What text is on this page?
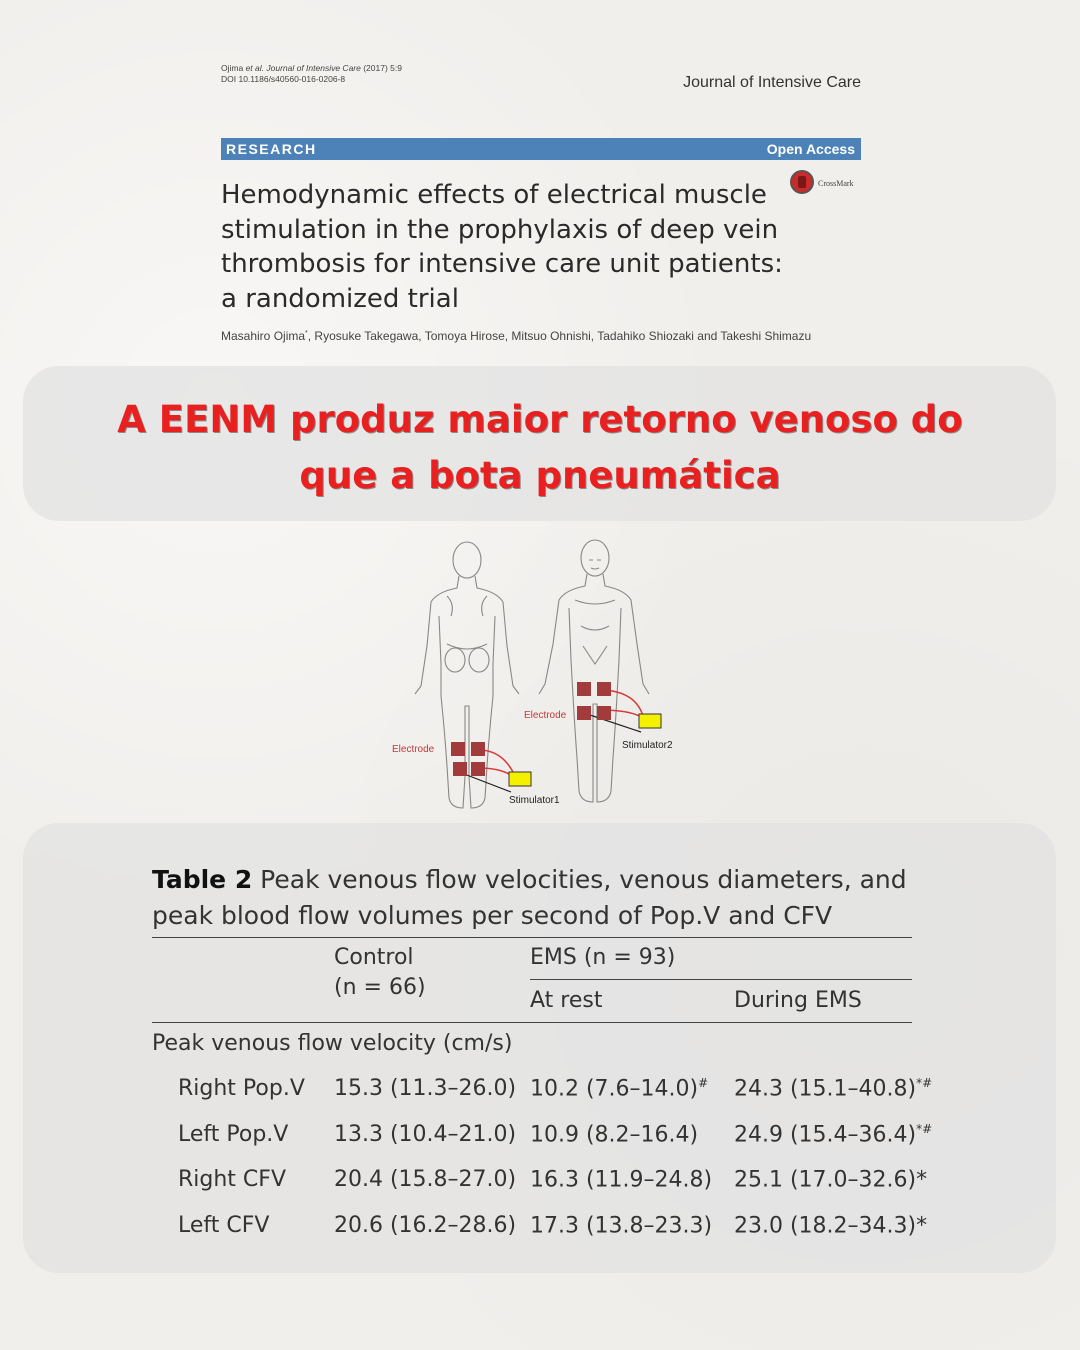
Ojima et al. Journal of Intensive Care (2017) 5:9
DOI 10.1186/s40560-016-0206-8	Journal of Intensive Care
RESEARCH	Open Access
Hemodynamic effects of electrical muscle
stimulation in the prophylaxis of deep vein
thrombosis for intensive care unit patients:
a randomized trial
CrossMark
Masahiro Ojima*, Ryosuke Takegawa, Tomoya Hirose, Mitsuo Ohnishi, Tadahiko Shiozaki and Takeshi Shimazu
A EENM produz maior retorno venoso do
que a bota pneumática
Electrode
Electrode
Stimulator1
Stimulator2
Table 2 Peak venous flow velocities, venous diameters, and
peak blood flow volumes per second of Pop.V and CFV
Control
(n = 66)
EMS (n = 93)
At rest	During EMS
Peak venous flow velocity (cm/s)
Right Pop.V 15.3 (11.3–26.0) 10.2 (7.6–14.0)# 24.3 (15.1–40.8)*#
Left Pop.V 13.3 (10.4–21.0) 10.9 (8.2–16.4) 24.9 (15.4–36.4)*#
Right CFV 20.4 (15.8–27.0) 16.3 (11.9–24.8) 25.1 (17.0–32.6)*
Left CFV	20.6 (16.2–28.6) 17.3 (13.8–23.3) 23.0 (18.2–34.3)*
